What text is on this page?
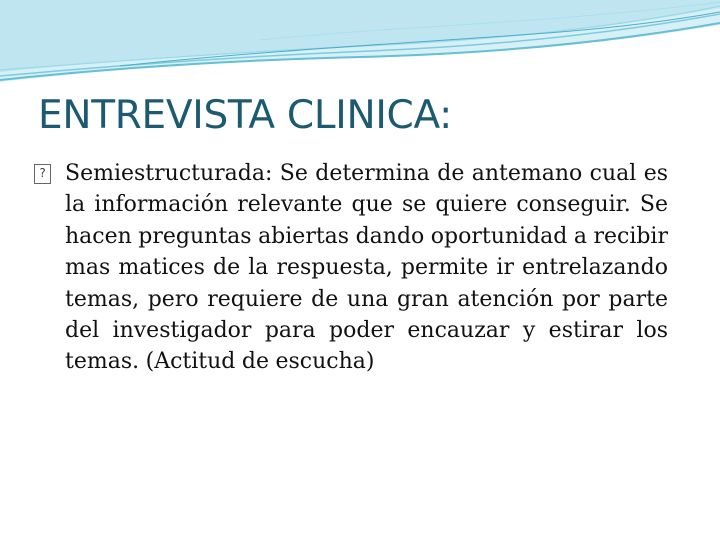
ENTREVISTA CLINICA:
? Semiestructurada: Se determina de antemano cual es la información relevante que se quiere conseguir. Se hacen preguntas abiertas dando oportunidad a recibir mas matices de la respuesta, permite ir entrelazando temas, pero requiere de una gran atención por parte del investigador para poder encauzar y estirar los temas. (Actitud de escucha)
